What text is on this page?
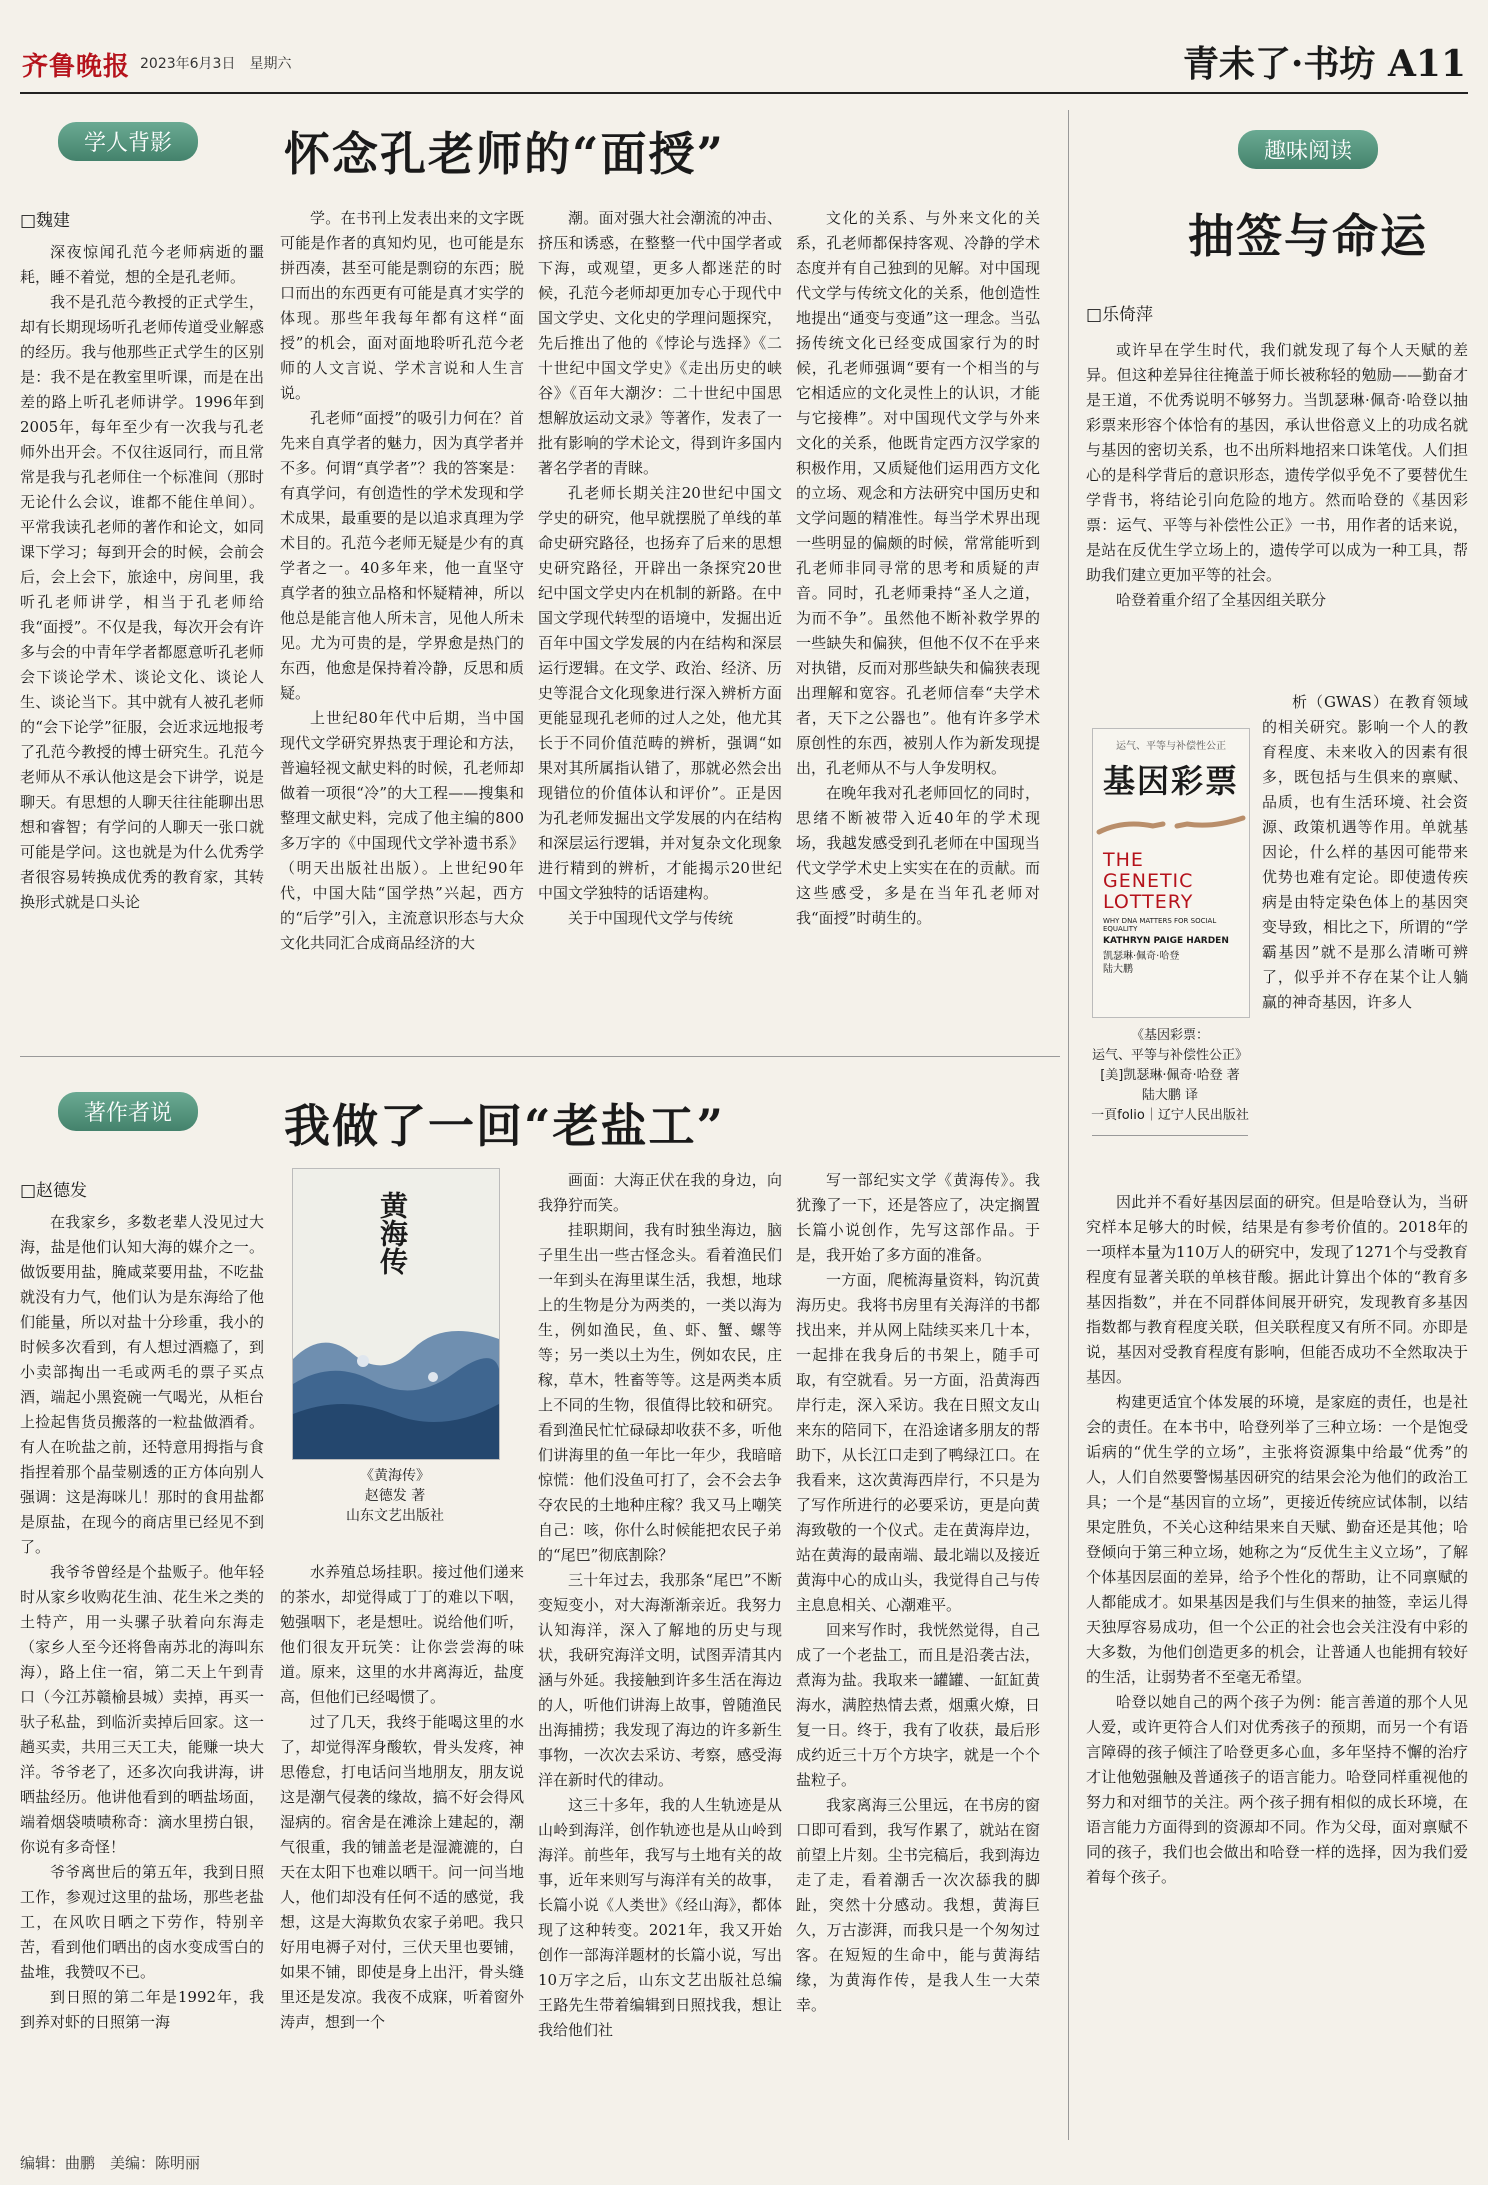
齐鲁晚报 2023年6月3日 星期六	青未了·书坊 A11
学人背影	怀念孔老师的“面授”
□魏建

深夜惊闻孔范今老师病逝的噩耗，睡不着觉，想的全是孔老师。

我不是孔范今教授的正式学生，却有长期现场听孔老师传道受业解惑的经历。我与他那些正式学生的区别是：我不是在教室里听课，而是在出差的路上听孔老师讲学。1996年到2005年，每年至少有一次我与孔老师外出开会。不仅往返同行，而且常常是我与孔老师住一个标准间（那时无论什么会议，谁都不能住单间）。平常我读孔老师的著作和论文，如同课下学习；每到开会的时候，会前会后，会上会下，旅途中，房间里，我听孔老师讲学，相当于孔老师给我“面授”。不仅是我，每次开会有许多与会的中青年学者都愿意听孔老师会下谈论学术、谈论文化、谈论人生、谈论当下。其中就有人被孔老师的“会下论学”征服，会近求远地报考了孔范今教授的博士研究生。孔范今老师从不承认他这是会下讲学，说是聊天。有思想的人聊天往往能聊出思想和睿智；有学问的人聊天一张口就可能是学问。这也就是为什么优秀学者很容易转换成优秀的教育家，其转换形式就是口头论

学。在书刊上发表出来的文字既可能是作者的真知灼见，也可能是东拼西凑，甚至可能是剽窃的东西；脱口而出的东西更有可能是真才实学的体现。那些年我每年都有这样“面授”的机会，面对面地聆听孔范今老师的人文言说、学术言说和人生言说。

孔老师“面授”的吸引力何在？首先来自真学者的魅力，因为真学者并不多。何谓“真学者”？我的答案是：有真学问，有创造性的学术发现和学术成果，最重要的是以追求真理为学术目的。孔范今老师无疑是少有的真学者之一。40多年来，他一直坚守真学者的独立品格和怀疑精神，所以他总是能言他人所未言，见他人所未见。尤为可贵的是，学界愈是热门的东西，他愈是保持着冷静，反思和质疑。

上世纪80年代中后期，当中国现代文学研究界热衷于理论和方法，普遍轻视文献史料的时候，孔老师却做着一项很“冷”的大工程——搜集和整理文献史料，完成了他主编的800多万字的《中国现代文学补遗书系》（明天出版社出版）。上世纪90年代，中国大陆“国学热”兴起，西方的“后学”引入，主流意识形态与大众文化共同汇合成商品经济的大

潮。面对强大社会潮流的冲击、挤压和诱惑，在整整一代中国学者或下海，或观望，更多人都迷茫的时候，孔范今老师却更加专心于现代中国文学史、文化史的学理问题探究，先后推出了他的《悖论与选择》《二十世纪中国文学史》《走出历史的峡谷》《百年大潮汐：二十世纪中国思想解放运动文录》等著作，发表了一批有影响的学术论文，得到许多国内著名学者的青睐。

孔老师长期关注20世纪中国文学史的研究，他早就摆脱了单线的革命史研究路径，也扬弃了后来的思想史研究路径，开辟出一条探究20世纪中国文学史内在机制的新路。在中国文学现代转型的语境中，发掘出近百年中国文学发展的内在结构和深层运行逻辑。在文学、政治、经济、历史等混合文化现象进行深入辨析方面更能显现孔老师的过人之处，他尤其长于不同价值范畴的辨析，强调“如果对其所属指认错了，那就必然会出现错位的价值体认和评价”。正是因为孔老师发掘出文学发展的内在结构和深层运行逻辑，并对复杂文化现象进行精到的辨析，才能揭示20世纪中国文学独特的话语建构。

关于中国现代文学与传统

文化的关系、与外来文化的关系，孔老师都保持客观、冷静的学术态度并有自己独到的见解。对中国现代文学与传统文化的关系，他创造性地提出“通变与变通”这一理念。当弘扬传统文化已经变成国家行为的时候，孔老师强调“要有一个相当的与它相适应的文化灵性上的认识，才能与它接榫”。对中国现代文学与外来文化的关系，他既肯定西方汉学家的积极作用，又质疑他们运用西方文化的立场、观念和方法研究中国历史和文学问题的精准性。每当学术界出现一些明显的偏颇的时候，常常能听到孔老师非同寻常的思考和质疑的声音。同时，孔老师秉持“圣人之道，为而不争”。虽然他不断补救学界的一些缺失和偏狭，但他不仅不在乎来对执错，反而对那些缺失和偏狭表现出理解和宽容。孔老师信奉“夫学术者，天下之公器也”。他有许多学术原创性的东西，被别人作为新发现提出，孔老师从不与人争发明权。

在晚年我对孔老师回忆的同时，思绪不断被带入近40年的学术现场，我越发感受到孔老师在中国现当代文学学术史上实实在在的贡献。而这些感受，多是在当年孔老师对我“面授”时萌生的。

著作者说	我做了一回“老盐工”
□赵德发

在我家乡，多数老辈人没见过大海，盐是他们认知大海的媒介之一。做饭要用盐，腌咸菜要用盐，不吃盐就没有力气，他们认为是东海给了他们能量，所以对盐十分珍重，我小的时候多次看到，有人想过酒瘾了，到小卖部掏出一毛或两毛的票子买点酒，端起小黑瓷碗一气喝光，从柜台上捡起售货员搬落的一粒盐做酒肴。有人在吮盐之前，还特意用拇指与食指捏着那个晶莹剔透的正方体向别人强调：这是海咪儿！那时的食用盐都是原盐，在现今的商店里已经见不到了。

我爷爷曾经是个盐贩子。他年轻时从家乡收购花生油、花生米之类的土特产，用一头骡子驮着向东海走（家乡人至今还将鲁南苏北的海叫东海），路上住一宿，第二天上午到青口（今江苏赣榆县城）卖掉，再买一驮子私盐，到临沂卖掉后回家。这一趟买卖，共用三天工夫，能赚一块大洋。爷爷老了，还多次向我讲海，讲晒盐经历。他讲他看到的晒盐场面，端着烟袋啧啧称奇：滴水里捞白银，你说有多奇怪！

爷爷离世后的第五年，我到日照工作，参观过这里的盐场，那些老盐工，在风吹日晒之下劳作，特别辛苦，看到他们晒出的卤水变成雪白的盐堆，我赞叹不已。

到日照的第二年是1992年，我到养对虾的日照第一海

黄海传
《黄海传》
赵德发 著
山东文艺出版社

水养殖总场挂职。接过他们递来的茶水，却觉得咸丁丁的难以下咽，勉强咽下，老是想吐。说给他们听，他们很友开玩笑：让你尝尝海的味道。原来，这里的水井离海近，盐度高，但他们已经喝惯了。

过了几天，我终于能喝这里的水了，却觉得浑身酸软，骨头发疼，神思倦怠，打电话问当地朋友，朋友说这是潮气侵袭的缘故，搞不好会得风湿病的。宿舍是在滩涂上建起的，潮气很重，我的铺盖老是湿漉漉的，白天在太阳下也难以晒干。问一问当地人，他们却没有任何不适的感觉，我想，这是大海欺负农家子弟吧。我只好用电褥子对付，三伏天里也要铺，如果不铺，即使是身上出汗，骨头缝里还是发凉。我夜不成寐，听着窗外涛声，想到一个

画面：大海正伏在我的身边，向我狰狞而笑。

挂职期间，我有时独坐海边，脑子里生出一些古怪念头。看着渔民们一年到头在海里谋生活，我想，地球上的生物是分为两类的，一类以海为生，例如渔民，鱼、虾、蟹、螺等等；另一类以土为生，例如农民，庄稼，草木，牲畜等等。这是两类本质上不同的生物，很值得比较和研究。看到渔民忙忙碌碌却收获不多，听他们讲海里的鱼一年比一年少，我暗暗惊慌：他们没鱼可打了，会不会去争夺农民的土地种庄稼？我又马上嘲笑自己：咳，你什么时候能把农民子弟的“尾巴”彻底割除？

三十年过去，我那条“尾巴”不断变短变小，对大海渐渐亲近。我努力认知海洋，深入了解地的历史与现状，我研究海洋文明，试图弄清其内涵与外延。我接触到许多生活在海边的人，听他们讲海上故事，曾随渔民出海捕捞；我发现了海边的许多新生事物，一次次去采访、考察，感受海洋在新时代的律动。

这三十多年，我的人生轨迹是从山岭到海洋，创作轨迹也是从山岭到海洋。前些年，我写与土地有关的故事，近年来则写与海洋有关的故事，长篇小说《人类世》《经山海》，都体现了这种转变。2021年，我又开始创作一部海洋题材的长篇小说，写出10万字之后，山东文艺出版社总编王路先生带着编辑到日照找我，想让我给他们社

写一部纪实文学《黄海传》。我犹豫了一下，还是答应了，决定搁置长篇小说创作，先写这部作品。于是，我开始了多方面的准备。

一方面，爬梳海量资料，钩沉黄海历史。我将书房里有关海洋的书都找出来，并从网上陆续买来几十本，一起排在我身后的书架上，随手可取，有空就看。另一方面，沿黄海西岸行走，深入采访。我在日照文友山来东的陪同下，在沿途诸多朋友的帮助下，从长江口走到了鸭绿江口。在我看来，这次黄海西岸行，不只是为了写作所进行的必要采访，更是向黄海致敬的一个仪式。走在黄海岸边，站在黄海的最南端、最北端以及接近黄海中心的成山头，我觉得自己与传主息息相关、心潮难平。

回来写作时，我恍然觉得，自己成了一个老盐工，而且是沿袭古法，煮海为盐。我取来一罐罐、一缸缸黄海水，满腔热情去煮，烟熏火燎，日复一日。终于，我有了收获，最后形成约近三十万个方块字，就是一个个盐粒子。

我家离海三公里远，在书房的窗口即可看到，我写作累了，就站在窗前望上片刻。尘书完稿后，我到海边走了走，看着潮舌一次次舔我的脚趾，突然十分感动。我想，黄海巨久，万古澎湃，而我只是一个匆匆过客。在短短的生命中，能与黄海结缘，为黄海作传，是我人生一大荣幸。

趣味阅读
抽签与命运
□乐倚萍

或许早在学生时代，我们就发现了每个人天赋的差异。但这种差异往往掩盖于师长被称轻的勉励——勤奋才是王道，不优秀说明不够努力。当凯瑟琳·佩奇·哈登以抽彩票来形容个体恰有的基因，承认世俗意义上的功成名就与基因的密切关系，也不出所料地招来口诛笔伐。人们担心的是科学背后的意识形态，遗传学似乎免不了要替优生学背书，将结论引向危险的地方。然而哈登的《基因彩票：运气、平等与补偿性公正》一书，用作者的话来说，是站在反优生学立场上的，遗传学可以成为一种工具，帮助我们建立更加平等的社会。

哈登着重介绍了全基因组关联分

运气、平等与补偿性公正
基因彩票
THE
GENETIC
LOTTERY
WHY DNA MATTERS FOR SOCIAL EQUALITY
KATHRYN PAIGE HARDEN
凯瑟琳·佩奇·哈登
陆大鹏
《基因彩票：
运气、平等与补偿性公正》
[美]凯瑟琳·佩奇·哈登 著
陆大鹏 译
一頁folio｜辽宁人民出版社

析（GWAS）在教育领域的相关研究。影响一个人的教育程度、未来收入的因素有很多，既包括与生俱来的禀赋、品质，也有生活环境、社会资源、政策机遇等作用。单就基因论，什么样的基因可能带来优势也难有定论。即使遗传疾病是由特定染色体上的基因突变导致，相比之下，所谓的“学霸基因”就不是那么清晰可辨了，似乎并不存在某个让人躺赢的神奇基因，许多人

因此并不看好基因层面的研究。但是哈登认为，当研究样本足够大的时候，结果是有参考价值的。2018年的一项样本量为110万人的研究中，发现了1271个与受教育程度有显著关联的单核苷酸。据此计算出个体的“教育多基因指数”，并在不同群体间展开研究，发现教育多基因指数都与教育程度关联，但关联程度又有所不同。亦即是说，基因对受教育程度有影响，但能否成功不全然取决于基因。

构建更适宜个体发展的环境，是家庭的责任，也是社会的责任。在本书中，哈登列举了三种立场：一个是饱受诟病的“优生学的立场”，主张将资源集中给最“优秀”的人，人们自然要警惕基因研究的结果会沦为他们的政治工具；一个是“基因盲的立场”，更接近传统应试体制，以结果定胜负，不关心这种结果来自天赋、勤奋还是其他；哈登倾向于第三种立场，她称之为“反优生主义立场”，了解个体基因层面的差异，给予个性化的帮助，让不同禀赋的人都能成才。如果基因是我们与生俱来的抽签，幸运儿得天独厚容易成功，但一个公正的社会也会关注没有中彩的大多数，为他们创造更多的机会，让普通人也能拥有较好的生活，让弱势者不至毫无希望。

哈登以她自己的两个孩子为例：能言善道的那个人见人爱，或许更符合人们对优秀孩子的预期，而另一个有语言障碍的孩子倾注了哈登更多心血，多年坚持不懈的治疗才让他勉强触及普通孩子的语言能力。哈登同样重视他的努力和对细节的关注。两个孩子拥有相似的成长环境，在语言能力方面得到的资源却不同。作为父母，面对禀赋不同的孩子，我们也会做出和哈登一样的选择，因为我们爱着每个孩子。

编辑：曲鹏　美编：陈明丽
